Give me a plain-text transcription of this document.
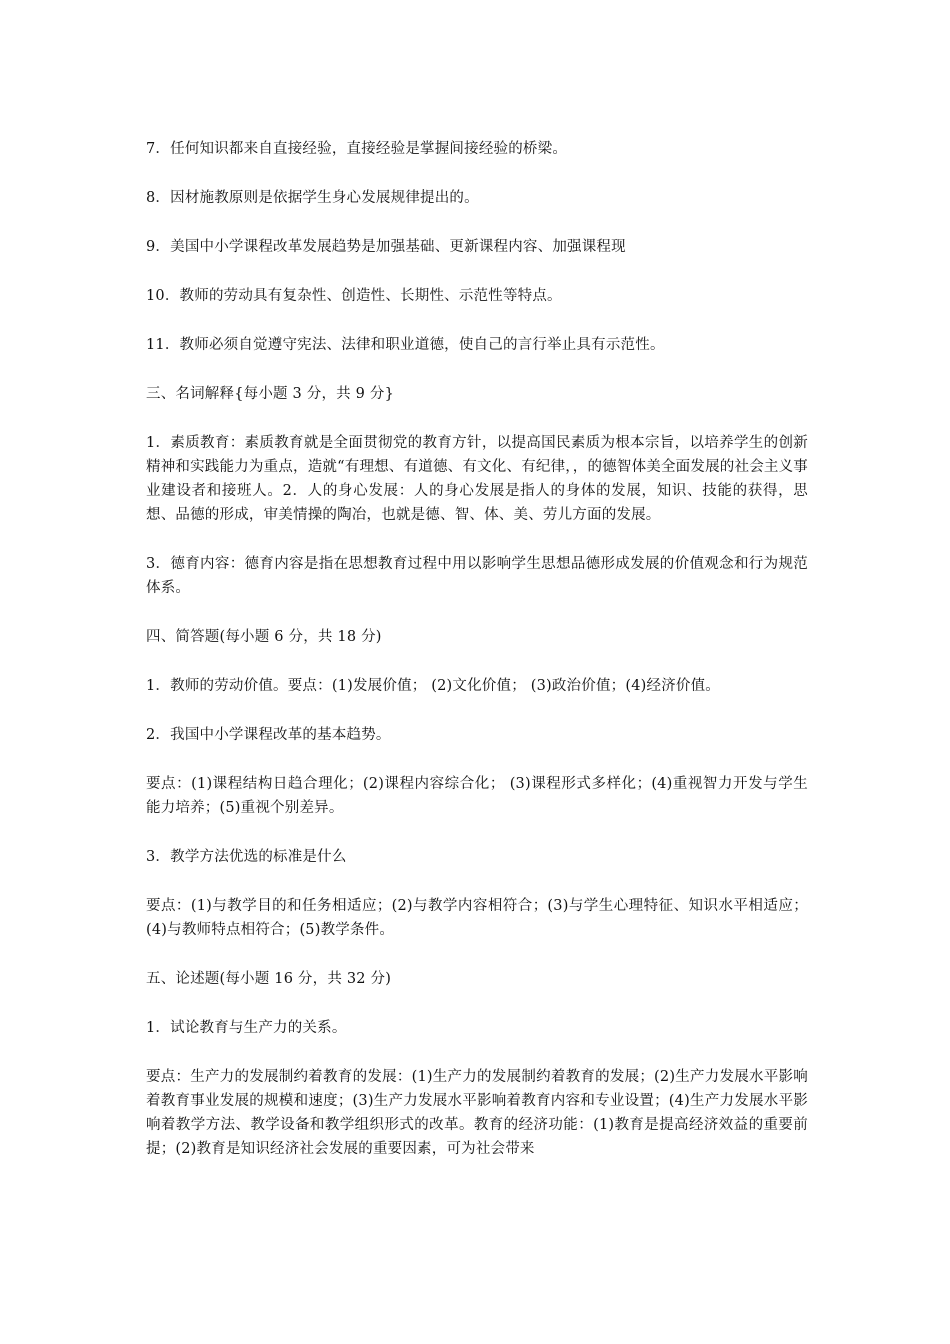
7．任何知识都来自直接经验，直接经验是掌握间接经验的桥梁。

8．因材施教原则是依据学生身心发展规律提出的。

9．美国中小学课程改革发展趋势是加强基础、更新课程内容、加强课程现

10．教师的劳动具有复杂性、创造性、长期性、示范性等特点。

11．教师必须自觉遵守宪法、法律和职业道德，使自己的言行举止具有示范性。

三、名词解释{每小题 3 分，共 9 分}

1．素质教育：素质教育就是全面贯彻党的教育方针，以提高国民素质为根本宗旨，以培养学生的创新精神和实践能力为重点，造就“有理想、有道德、有文化、有纪律，，的德智体美全面发展的社会主义事业建设者和接班人。2．人的身心发展：人的身心发展是指人的身体的发展，知识、技能的获得，思想、品德的形成，审美情操的陶冶，也就是德、智、体、美、劳儿方面的发展。

3．德育内容：德育内容是指在思想教育过程中用以影响学生思想品德形成发展的价值观念和行为规范体系。

四、简答题(每小题 6 分，共 18 分)

1．教师的劳动价值。要点：(1)发展价值； (2)文化价值； (3)政治价值；(4)经济价值。

2．我国中小学课程改革的基本趋势。

要点：(1)课程结构日趋合理化；(2)课程内容综合化； (3)课程形式多样化；(4)重视智力开发与学生能力培养；(5)重视个别差异。

3．教学方法优选的标准是什么

要点：(1)与教学目的和任务相适应；(2)与教学内容相符合；(3)与学生心理特征、知识水平相适应； (4)与教师特点相符合；(5)教学条件。

五、论述题(每小题 16 分，共 32 分)

1．试论教育与生产力的关系。

要点：生产力的发展制约着教育的发展：(1)生产力的发展制约着教育的发展；(2)生产力发展水平影响着教育事业发展的规模和速度；(3)生产力发展水平影响着教育内容和专业设置；(4)生产力发展水平影响着教学方法、教学设备和教学组织形式的改革。教育的经济功能：(1)教育是提高经济效益的重要前提；(2)教育是知识经济社会发展的重要因素，可为社会带来
